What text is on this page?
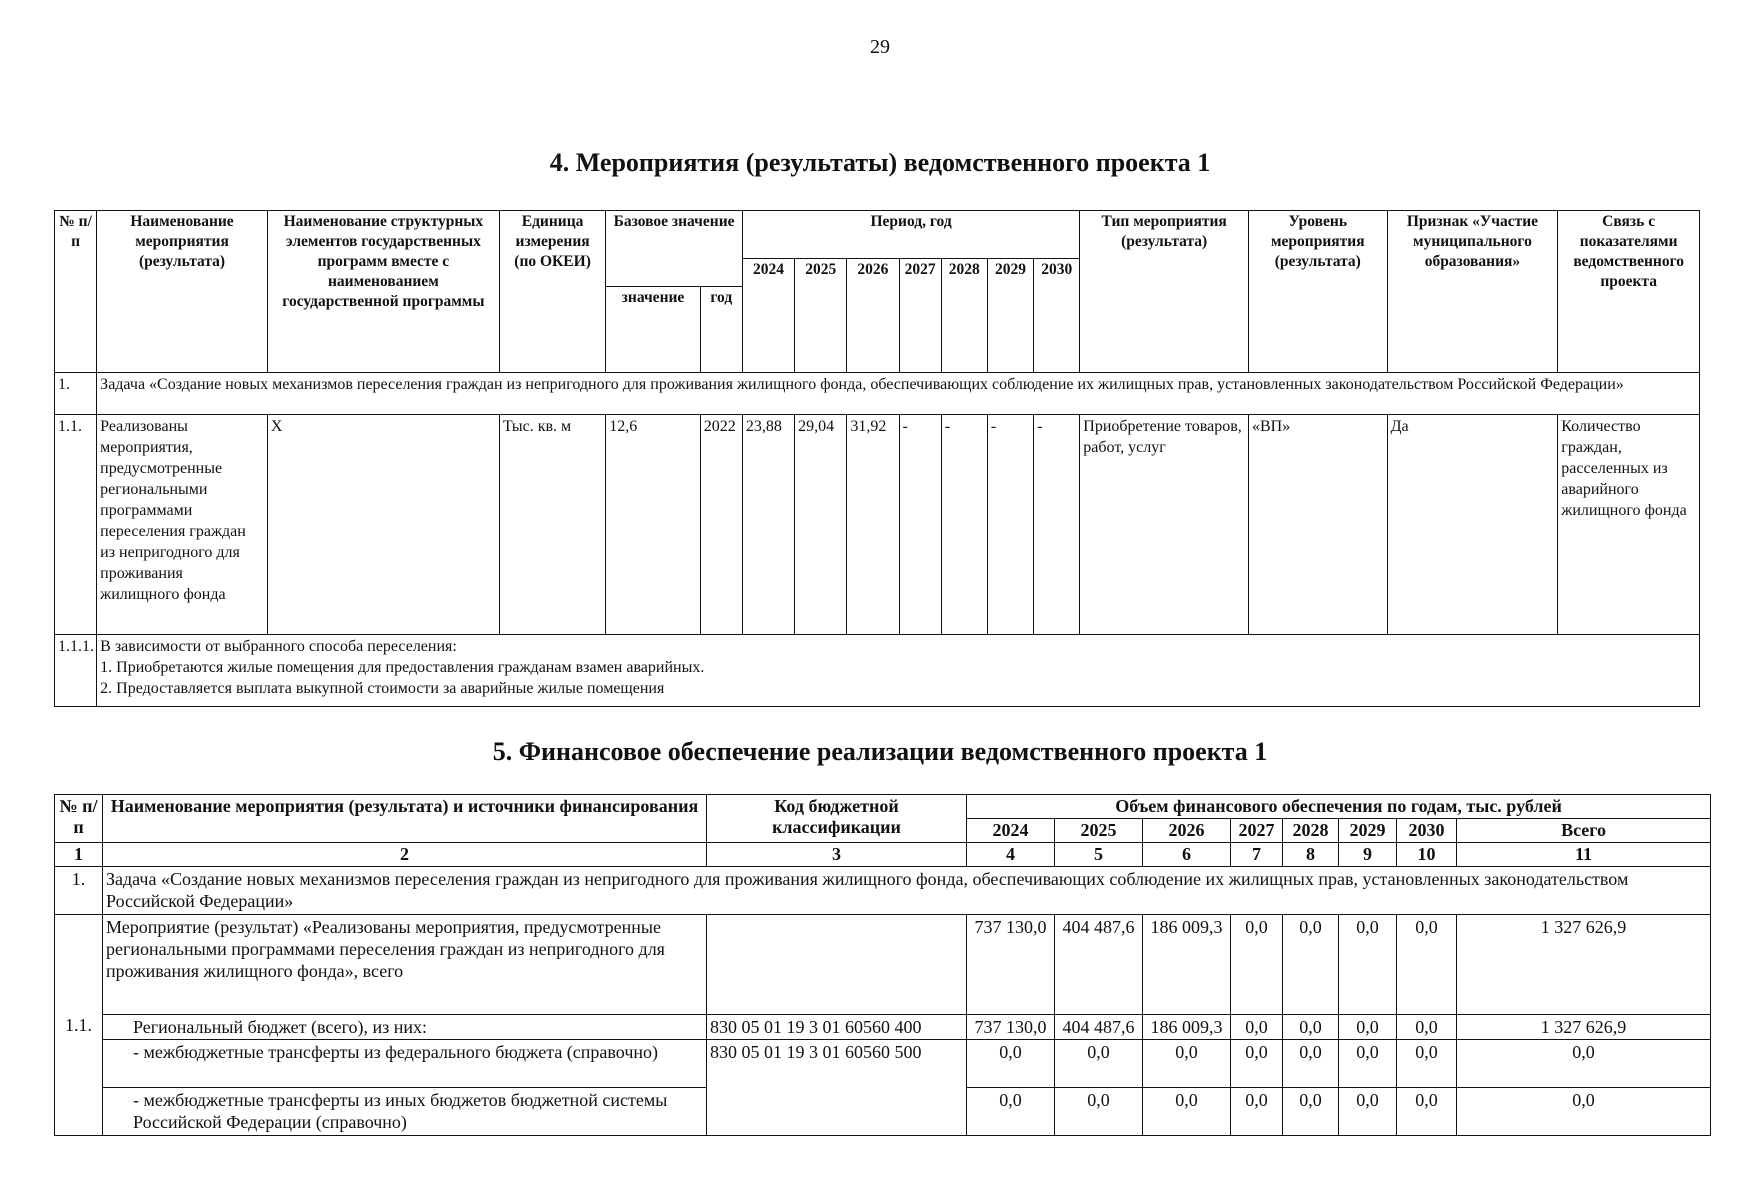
29
4. Мероприятия (результаты) ведомственного проекта 1
№ п/п	Наименование мероприятия (результата)	Наименование структурных элементов государственных программ вместе с наименованием государственной программы	Единица измерения (по ОКЕИ)	Базовое значение		Период, год							Тип мероприятия (результата)	Уровень мероприятия (результата)	Признак «Участие муниципального образования»	Связь с показателями ведомственного проекта
						2024	2025	2026	2027	2028	2029	2030				
				значение	год											
1.	Задача «Создание новых механизмов переселения граждан из непригодного для проживания жилищного фонда, обеспечивающих соблюдение их жилищных прав, установленных законодательством Российской Федерации»															
1.1.	Реализованы мероприятия, предусмотренные региональными программами переселения граждан из непригодного для проживания жилищного фонда	Х	Тыс. кв. м	12,6	2022	23,88	29,04	31,92	-	-	-	-	Приобретение товаров, работ, услуг	«ВП»	Да	Количество граждан, расселенных из аварийного жилищного фонда
1.1.1.	В зависимости от выбранного способа переселения:
1. Приобретаются жилые помещения для предоставления гражданам взамен аварийных.
2. Предоставляется выплата выкупной стоимости за аварийные жилые помещения															
5. Финансовое обеспечение реализации ведомственного проекта 1
№ п/п	Наименование мероприятия (результата) и источники финансирования	Код бюджетной классификации	Объем финансового обеспечения по годам, тыс. рублей							
			2024	2025	2026	2027	2028	2029	2030	Всего
1	2	3	4	5	6	7	8	9	10	11
1.	Задача «Создание новых механизмов переселения граждан из непригодного для проживания жилищного фонда, обеспечивающих соблюдение их жилищных прав, установленных законодательством Российской Федерации»									
1.1.	Мероприятие (результат) «Реализованы мероприятия, предусмотренные региональными программами переселения граждан из непригодного для проживания жилищного фонда», всего		737 130,0	404 487,6	186 009,3	0,0	0,0	0,0	0,0	1 327 626,9
	Региональный бюджет (всего), из них:	830 05 01 19 3 01 60560 400	737 130,0	404 487,6	186 009,3	0,0	0,0	0,0	0,0	1 327 626,9
	- межбюджетные трансферты из федерального бюджета (справочно)	830 05 01 19 3 01 60560 500	0,0	0,0	0,0	0,0	0,0	0,0	0,0	0,0
	- межбюджетные трансферты из иных бюджетов бюджетной системы Российской Федерации (справочно)		0,0	0,0	0,0	0,0	0,0	0,0	0,0	0,0
